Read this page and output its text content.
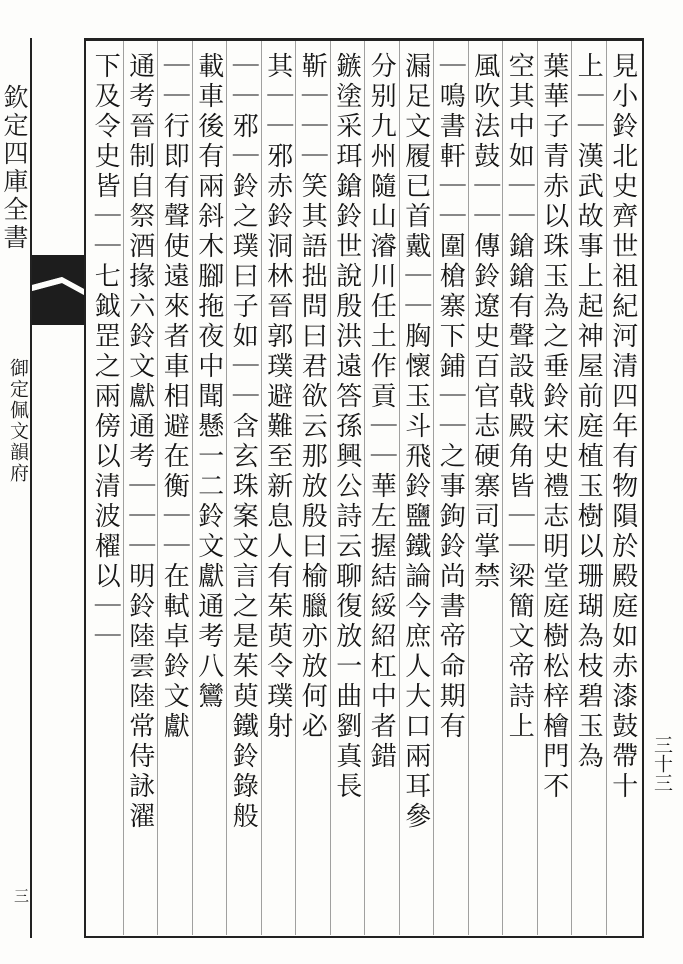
欽定四庫全書
御定佩文韻府
三
見小鈴北史齊世祖紀河清四年有物隕於殿庭如赤漆鼓帶十
上｜｜漢武故事上起神屋前庭植玉樹以珊瑚為枝碧玉為
葉華子青赤以珠玉為之垂鈴宋史禮志明堂庭樹松梓檜門不
空其中如｜｜鎗鎗有聲設戟殿角皆｜｜梁簡文帝詩上
風吹法鼓｜｜傳鈴遼史百官志硬寨司掌禁
｜鳴書軒｜｜圍槍寨下鋪｜｜之事鉤鈴尚書帝命期有
漏足文履已首戴｜｜胸懷玉斗飛鈴鹽鐵論今庶人大口兩耳參
分别九州隨山濬川任土作貢｜｜華左握結綏紹杠中者錯
鏃塗采珥鎗鈴世說殷洪遠答孫興公詩云聊復放一曲劉真長
靳｜｜｜笑其語拙問曰君欲云那放殷曰榆臘亦放何必
其｜｜邪赤鈴洞林晉郭璞避難至新息人有茱萸令璞射
｜｜邪｜鈴之璞曰子如｜｜含玄珠案文言之是茱萸鐵鈴錄般
載車後有兩斜木腳拖夜中聞懸一二鈴文獻通考八鸞
｜｜行即有聲使遠來者車相避在衡｜｜在軾卓鈴文獻
通考晉制自祭酒掾六鈴文獻通考｜｜｜明鈴陸雲陸常侍詠濯
下及令史皆｜｜七鉞罡之兩傍以清波櫂以｜｜
三十三
